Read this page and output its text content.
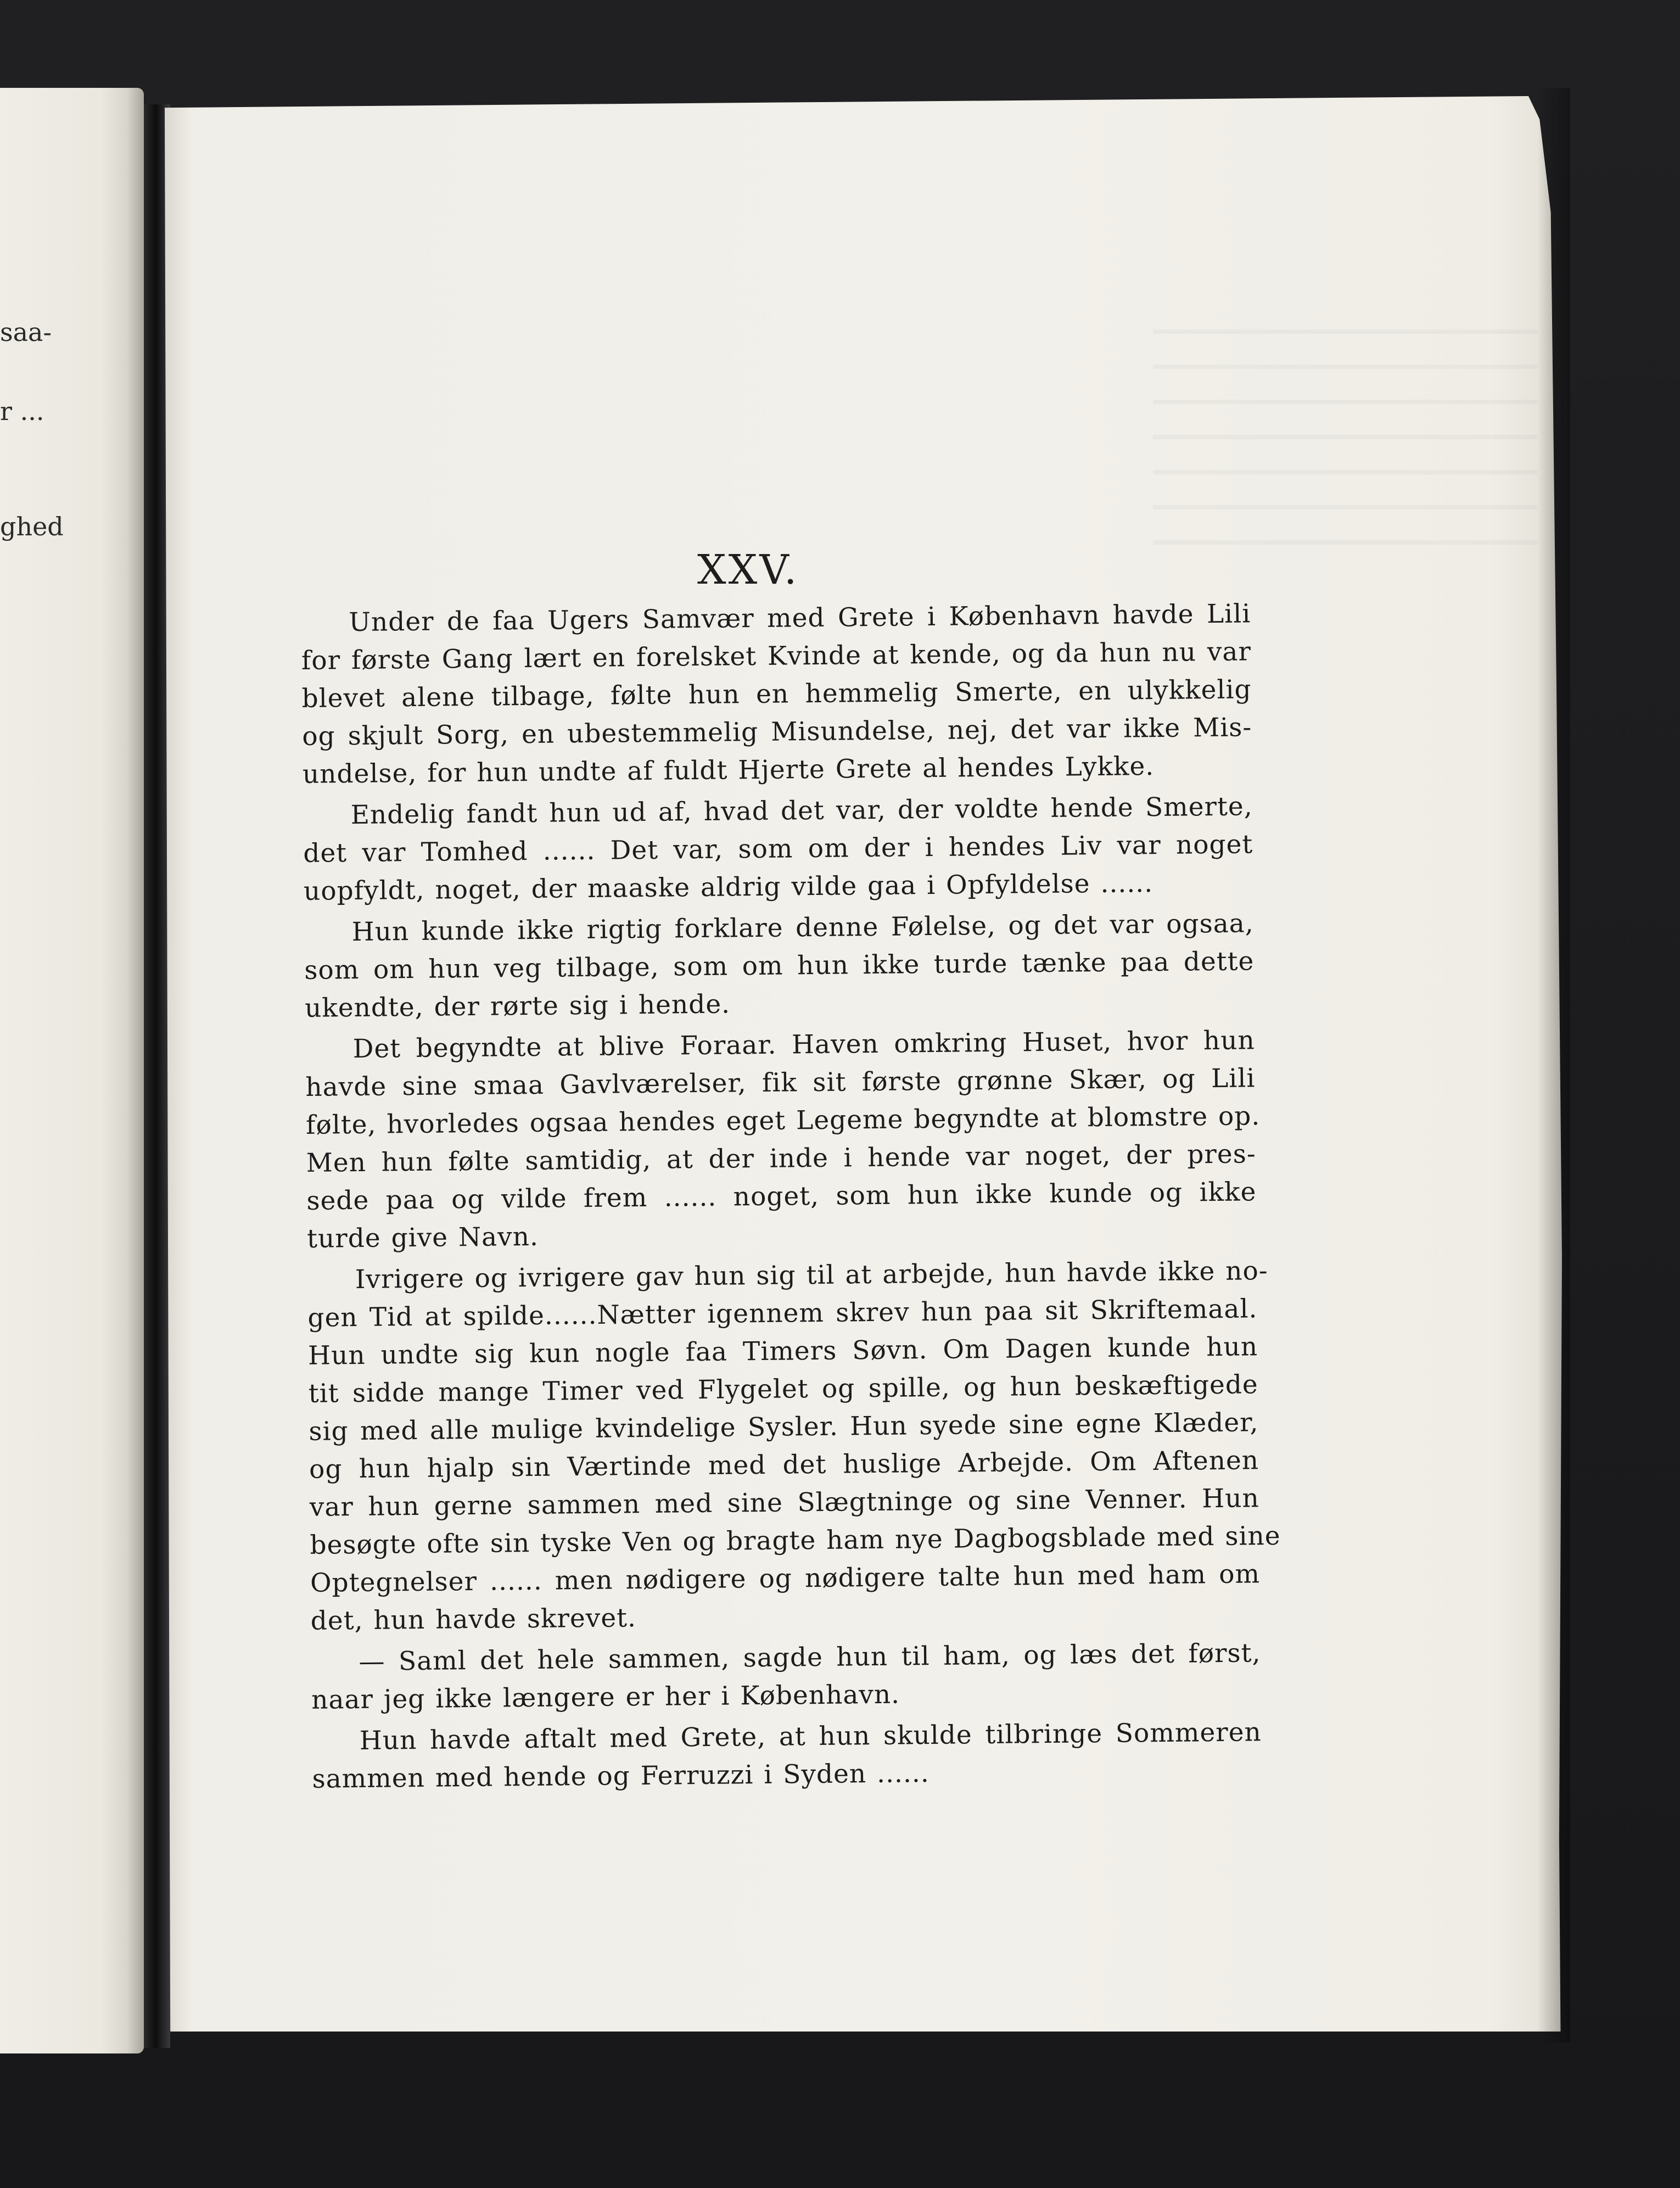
saa-
r ...
ghed
XXV.
Under de faa Ugers Samvær med Grete i København havde Lili
for første Gang lært en forelsket Kvinde at kende, og da hun nu var
blevet alene tilbage, følte hun en hemmelig Smerte, en ulykkelig
og skjult Sorg, en ubestemmelig Misundelse, nej, det var ikke Mis-
undelse, for hun undte af fuldt Hjerte Grete al hendes Lykke.
Endelig fandt hun ud af, hvad det var, der voldte hende Smerte,
det var Tomhed ...... Det var, som om der i hendes Liv var noget
uopfyldt, noget, der maaske aldrig vilde gaa i Opfyldelse ......
Hun kunde ikke rigtig forklare denne Følelse, og det var ogsaa,
som om hun veg tilbage, som om hun ikke turde tænke paa dette
ukendte, der rørte sig i hende.
Det begyndte at blive Foraar. Haven omkring Huset, hvor hun
havde sine smaa Gavlværelser, fik sit første grønne Skær, og Lili
følte, hvorledes ogsaa hendes eget Legeme begyndte at blomstre op.
Men hun følte samtidig, at der inde i hende var noget, der pres-
sede paa og vilde frem ...... noget, som hun ikke kunde og ikke
turde give Navn.
Ivrigere og ivrigere gav hun sig til at arbejde, hun havde ikke no-
gen Tid at spilde......Nætter igennem skrev hun paa sit Skriftemaal.
Hun undte sig kun nogle faa Timers Søvn. Om Dagen kunde hun
tit sidde mange Timer ved Flygelet og spille, og hun beskæftigede
sig med alle mulige kvindelige Sysler. Hun syede sine egne Klæder,
og hun hjalp sin Værtinde med det huslige Arbejde. Om Aftenen
var hun gerne sammen med sine Slægtninge og sine Venner. Hun
besøgte ofte sin tyske Ven og bragte ham nye Dagbogsblade med sine
Optegnelser ...... men nødigere og nødigere talte hun med ham om
det, hun havde skrevet.
— Saml det hele sammen, sagde hun til ham, og læs det først,
naar jeg ikke længere er her i København.
Hun havde aftalt med Grete, at hun skulde tilbringe Sommeren
sammen med hende og Ferruzzi i Syden ......
